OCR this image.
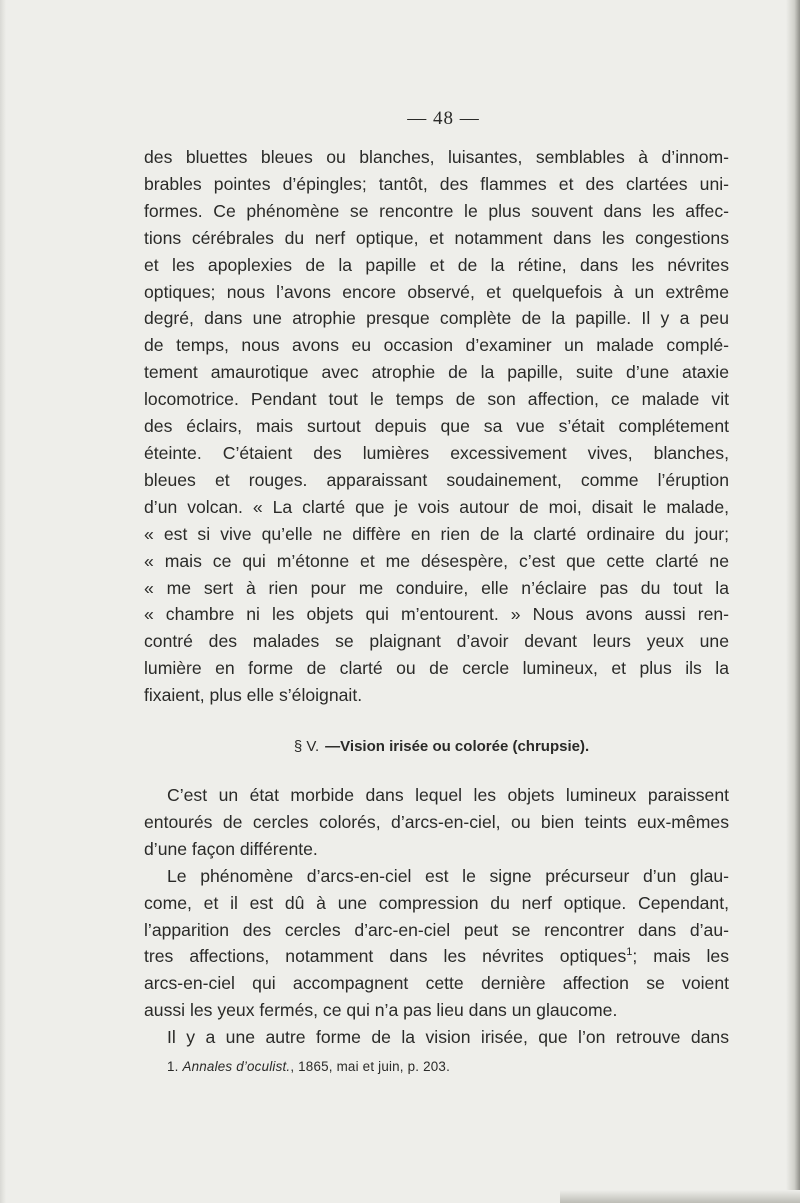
— 48 —

des bluettes bleues ou blanches, luisantes, semblables à d’innom-
brables pointes d’épingles; tantôt, des flammes et des clartées uni-
formes. Ce phénomène se rencontre le plus souvent dans les affec-
tions cérébrales du nerf optique, et notamment dans les congestions
et les apoplexies de la papille et de la rétine, dans les névrites
optiques; nous l’avons encore observé, et quelquefois à un extrême
degré, dans une atrophie presque complète de la papille. Il y a peu
de temps, nous avons eu occasion d’examiner un malade complé-
tement amaurotique avec atrophie de la papille, suite d’une ataxie
locomotrice. Pendant tout le temps de son affection, ce malade vit
des éclairs, mais surtout depuis que sa vue s’était complétement
éteinte. C’étaient des lumières excessivement vives, blanches,
bleues et rouges. apparaissant soudainement, comme l’éruption
d’un volcan. « La clarté que je vois autour de moi, disait le malade,
« est si vive qu’elle ne diffère en rien de la clarté ordinaire du jour;
« mais ce qui m’étonne et me désespère, c’est que cette clarté ne
« me sert à rien pour me conduire, elle n’éclaire pas du tout la
« chambre ni les objets qui m’entourent. » Nous avons aussi ren-
contré des malades se plaignant d’avoir devant leurs yeux une
lumière en forme de clarté ou de cercle lumineux, et plus ils la
fixaient, plus elle s’éloignait.

§ V. —Vision irisée ou colorée (chrupsie).

C’est un état morbide dans lequel les objets lumineux paraissent
entourés de cercles colorés, d’arcs-en-ciel, ou bien teints eux-mêmes
d’une façon différente.

Le phénomène d’arcs-en-ciel est le signe précurseur d’un glau-
come, et il est dû à une compression du nerf optique. Cependant,
l’apparition des cercles d’arc-en-ciel peut se rencontrer dans d’au-
tres affections, notamment dans les névrites optiques$^1$; mais les
arcs-en-ciel qui accompagnent cette dernière affection se voient
aussi les yeux fermés, ce qui n’a pas lieu dans un glaucome.

Il y a une autre forme de la vision irisée, que l’on retrouve dans

1. Annales d’oculist., 1865, mai et juin, p. 203.
